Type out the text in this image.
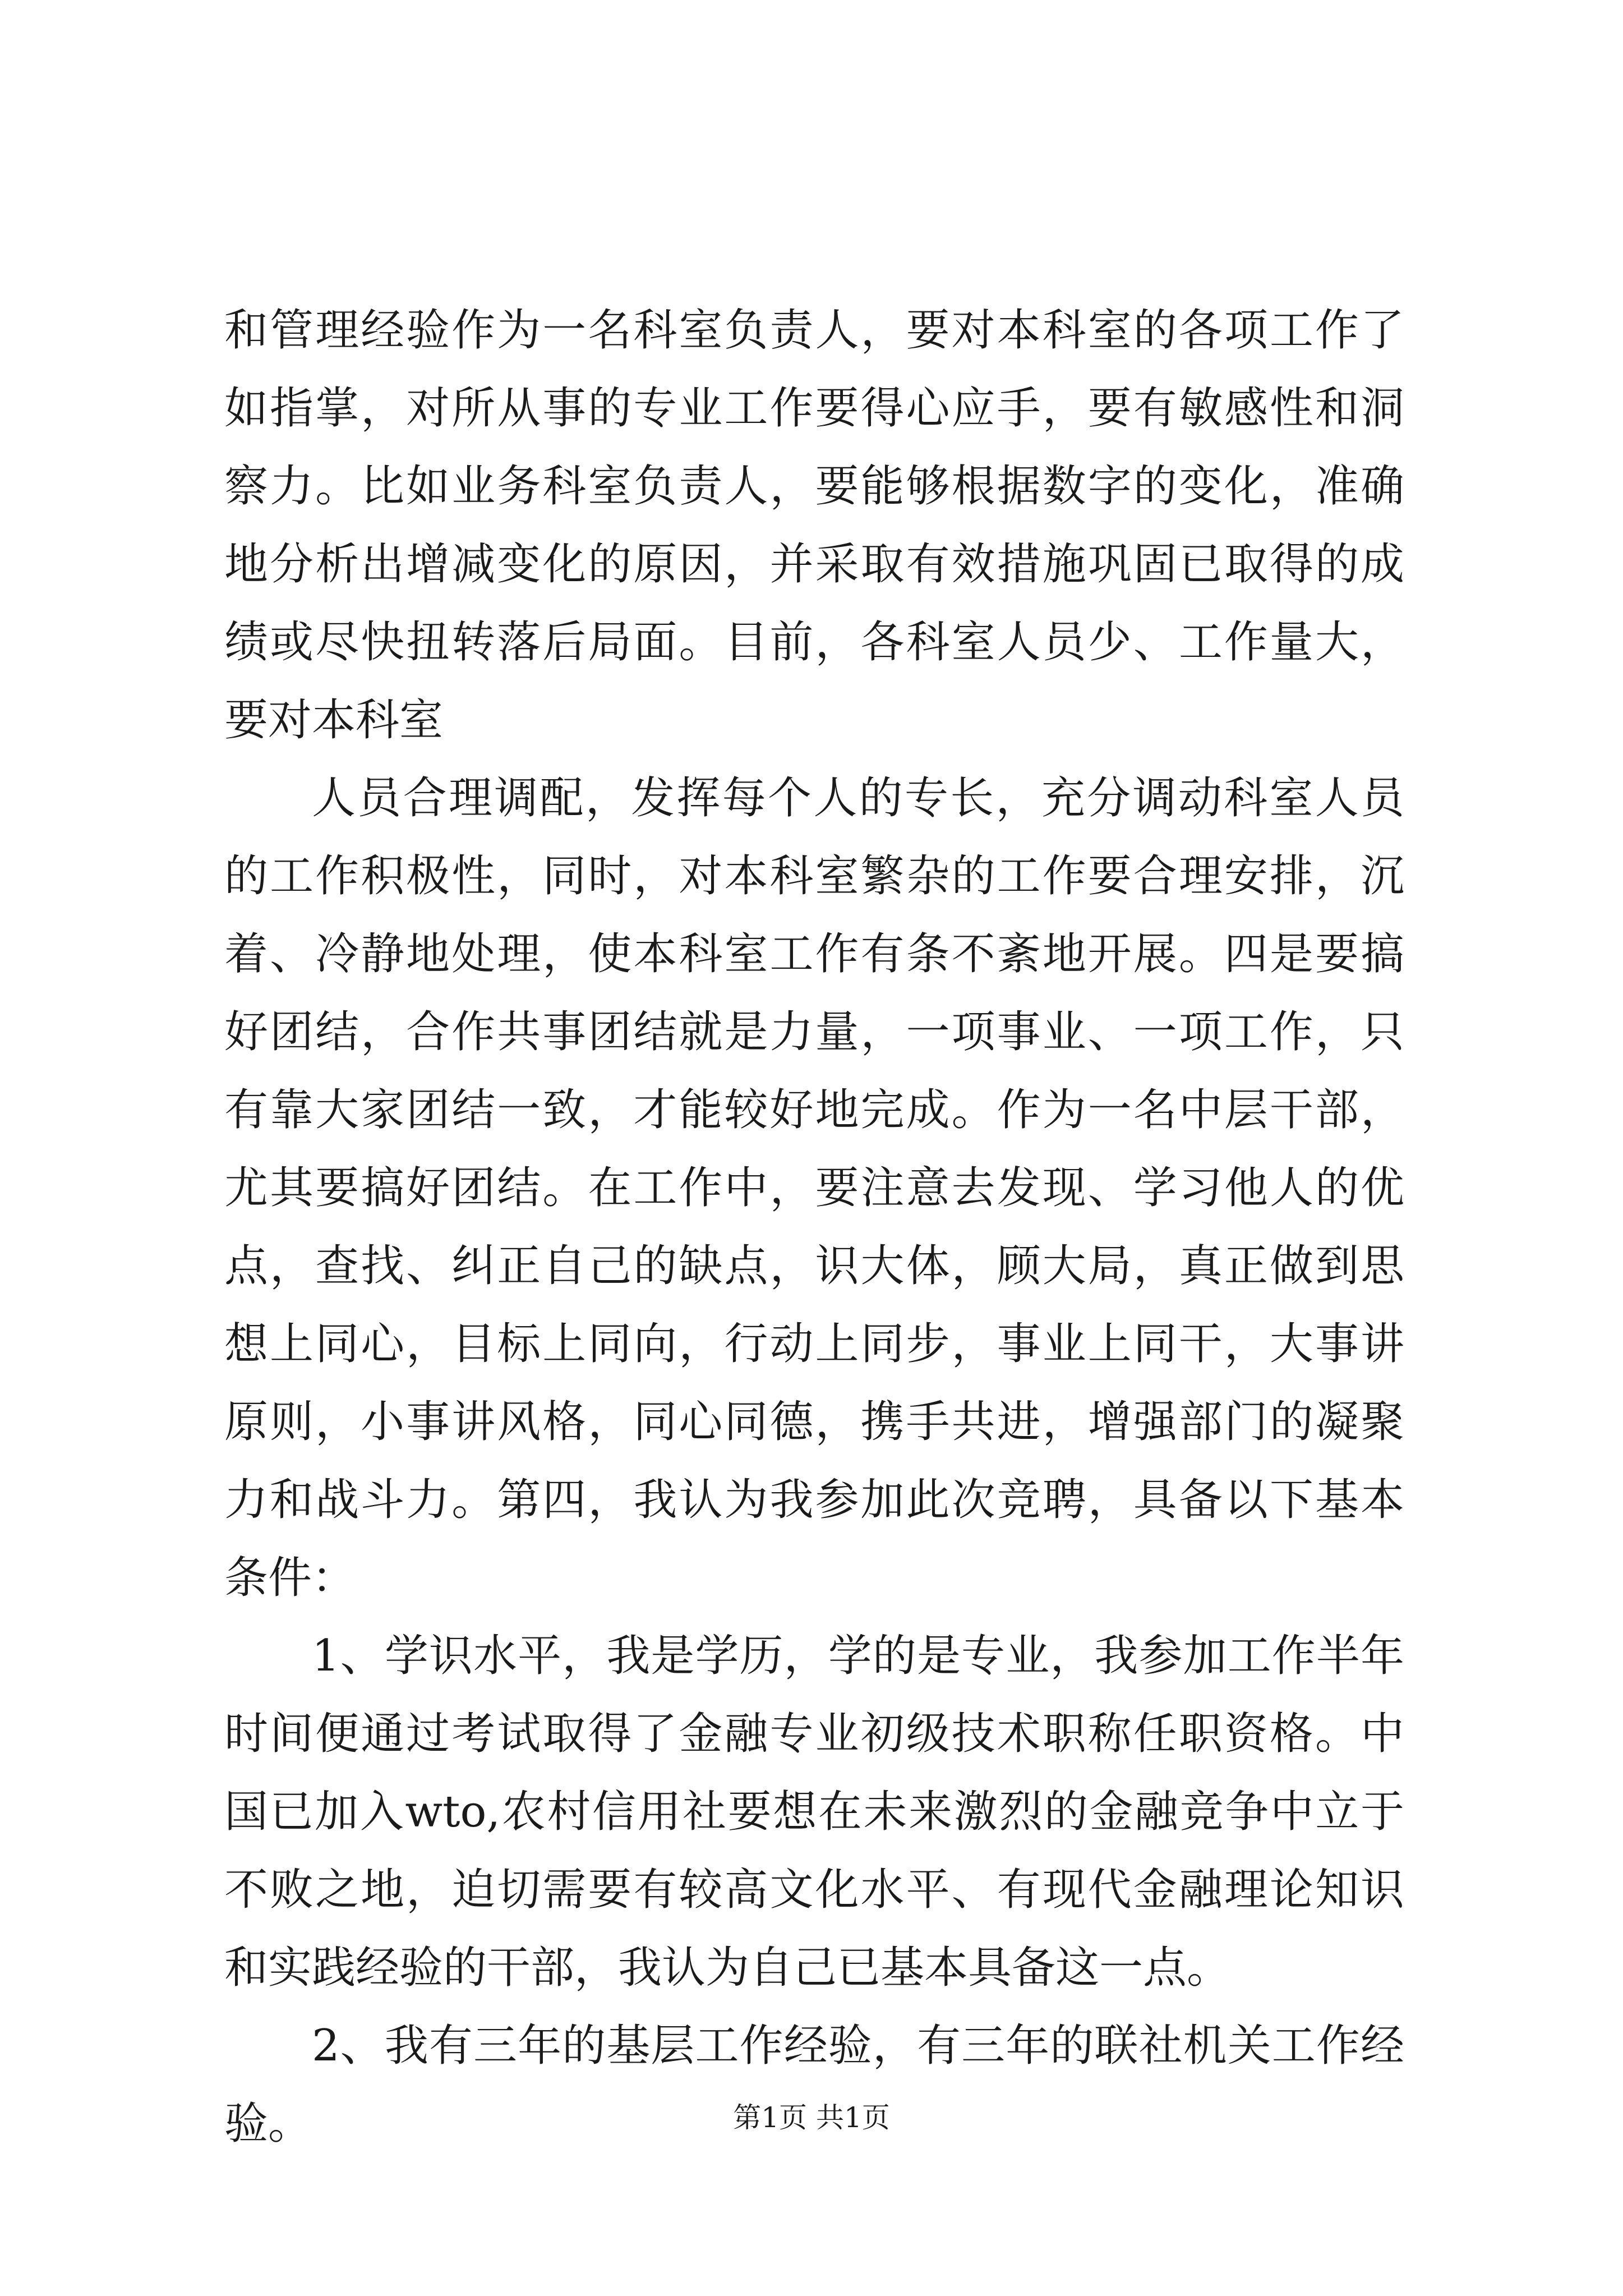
和管理经验作为一名科室负责人，要对本科室的各项工作了如指掌，对所从事的专业工作要得心应手，要有敏感性和洞察力。比如业务科室负责人，要能够根据数字的变化，准确地分析出增减变化的原因，并采取有效措施巩固已取得的成绩或尽快扭转落后局面。目前，各科室人员少、工作量大，要对本科室

人员合理调配，发挥每个人的专长，充分调动科室人员的工作积极性，同时，对本科室繁杂的工作要合理安排，沉着、冷静地处理，使本科室工作有条不紊地开展。四是要搞好团结，合作共事团结就是力量，一项事业、一项工作，只有靠大家团结一致，才能较好地完成。作为一名中层干部，尤其要搞好团结。在工作中，要注意去发现、学习他人的优点，查找、纠正自己的缺点，识大体，顾大局，真正做到思想上同心，目标上同向，行动上同步，事业上同干，大事讲原则，小事讲风格，同心同德，携手共进，增强部门的凝聚力和战斗力。第四，我认为我参加此次竞聘，具备以下基本条件：

1、学识水平，我是学历，学的是专业，我参加工作半年时间便通过考试取得了金融专业初级技术职称任职资格。中国已加入wto,农村信用社要想在未来激烈的金融竞争中立于不败之地，迫切需要有较高文化水平、有现代金融理论知识和实践经验的干部，我认为自己已基本具备这一点。

2、我有三年的基层工作经验，有三年的联社机关工作经验。	第1页 共1页
